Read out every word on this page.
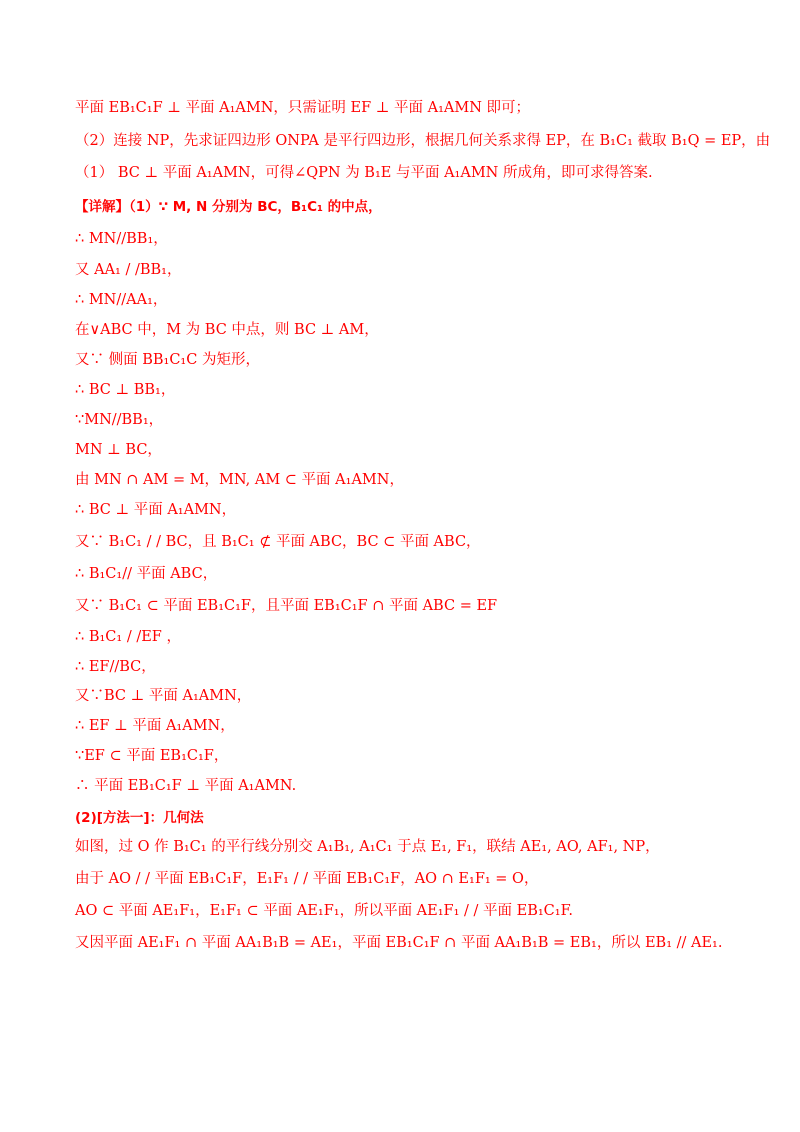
平面 EB₁C₁F ⊥ 平面 A₁AMN，只需证明 EF ⊥ 平面 A₁AMN 即可；
（2）连接 NP，先求证四边形 ONPA 是平行四边形，根据几何关系求得 EP，在 B₁C₁ 截取 B₁Q = EP，由
（1） BC ⊥ 平面 A₁AMN，可得∠QPN 为 B₁E 与平面 A₁AMN 所成角，即可求得答案.
【详解】（1）∵ M, N 分别为 BC，B₁C₁ 的中点，
∴ MN//BB₁，
又 AA₁ / /BB₁，
∴ MN//AA₁，
在∨ABC 中，M 为 BC 中点，则 BC ⊥ AM，
又∵ 侧面 BB₁C₁C 为矩形，
∴ BC ⊥ BB₁，
∵MN//BB₁，
MN ⊥ BC，
由 MN ∩ AM = M，MN, AM ⊂ 平面 A₁AMN，
∴ BC ⊥ 平面 A₁AMN，
又∵ B₁C₁ / / BC，且 B₁C₁ ⊄ 平面 ABC，BC ⊂ 平面 ABC，
∴ B₁C₁// 平面 ABC，
又∵ B₁C₁ ⊂ 平面 EB₁C₁F，且平面 EB₁C₁F ∩ 平面 ABC = EF
∴ B₁C₁ / /EF ，
∴ EF//BC，
又∵BC ⊥ 平面 A₁AMN，
∴ EF ⊥ 平面 A₁AMN，
∵EF ⊂ 平面 EB₁C₁F，
∴ 平面 EB₁C₁F ⊥ 平面 A₁AMN.
(2)[方法一]：几何法
如图，过 O 作 B₁C₁ 的平行线分别交 A₁B₁, A₁C₁ 于点 E₁, F₁，联结 AE₁, AO, AF₁, NP，
由于 AO / / 平面 EB₁C₁F，E₁F₁ / / 平面 EB₁C₁F，AO ∩ E₁F₁ = O，
AO ⊂ 平面 AE₁F₁，E₁F₁ ⊂ 平面 AE₁F₁，所以平面 AE₁F₁ / / 平面 EB₁C₁F.
又因平面 AE₁F₁ ∩ 平面 AA₁B₁B = AE₁，平面 EB₁C₁F ∩ 平面 AA₁B₁B = EB₁，所以 EB₁ // AE₁.
